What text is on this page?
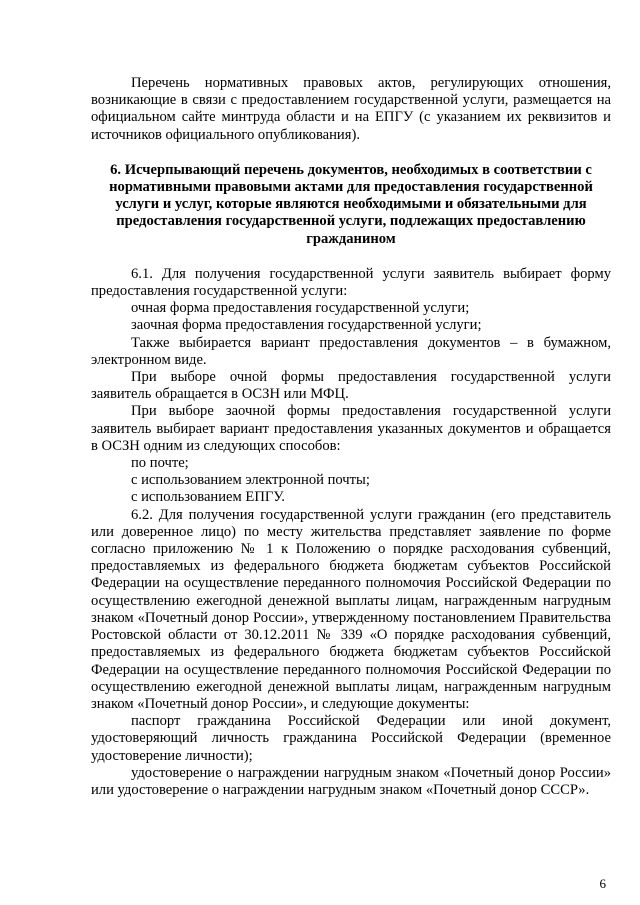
Перечень нормативных правовых актов, регулирующих отношения, возникающие в связи с предоставлением государственной услуги, размещается на официальном сайте минтруда области и на ЕПГУ (с указанием их реквизитов и источников официального опубликования).

6. Исчерпывающий перечень документов, необходимых в соответствии с нормативными правовыми актами для предоставления государственной услуги и услуг, которые являются необходимыми и обязательными для предоставления государственной услуги, подлежащих предоставлению гражданином

6.1. Для получения государственной услуги заявитель выбирает форму предоставления государственной услуги:

очная форма предоставления государственной услуги;

заочная форма предоставления государственной услуги;

Также выбирается вариант предоставления документов – в бумажном, электронном виде.

При выборе очной формы предоставления государственной услуги заявитель обращается в ОСЗН или МФЦ.

При выборе заочной формы предоставления государственной услуги заявитель выбирает вариант предоставления указанных документов и обращается в ОСЗН одним из следующих способов:

по почте;

с использованием электронной почты;

с использованием ЕПГУ.

6.2. Для получения государственной услуги гражданин (его представитель или доверенное лицо) по месту жительства представляет заявление по форме согласно приложению № 1 к Положению о порядке расходования субвенций, предоставляемых из федерального бюджета бюджетам субъектов Российской Федерации на осуществление переданного полномочия Российской Федерации по осуществлению ежегодной денежной выплаты лицам, награжденным нагрудным знаком «Почетный донор России», утвержденному постановлением Правительства Ростовской области от 30.12.2011 № 339 «О порядке расходования субвенций, предоставляемых из федерального бюджета бюджетам субъектов Российской Федерации на осуществление переданного полномочия Российской Федерации по осуществлению ежегодной денежной выплаты лицам, награжденным нагрудным знаком «Почетный донор России», и следующие документы:

паспорт гражданина Российской Федерации или иной документ, удостоверяющий личность гражданина Российской Федерации (временное удостоверение личности);

удостоверение о награждении нагрудным знаком «Почетный донор России» или удостоверение о награждении нагрудным знаком «Почетный донор СССР».

6
